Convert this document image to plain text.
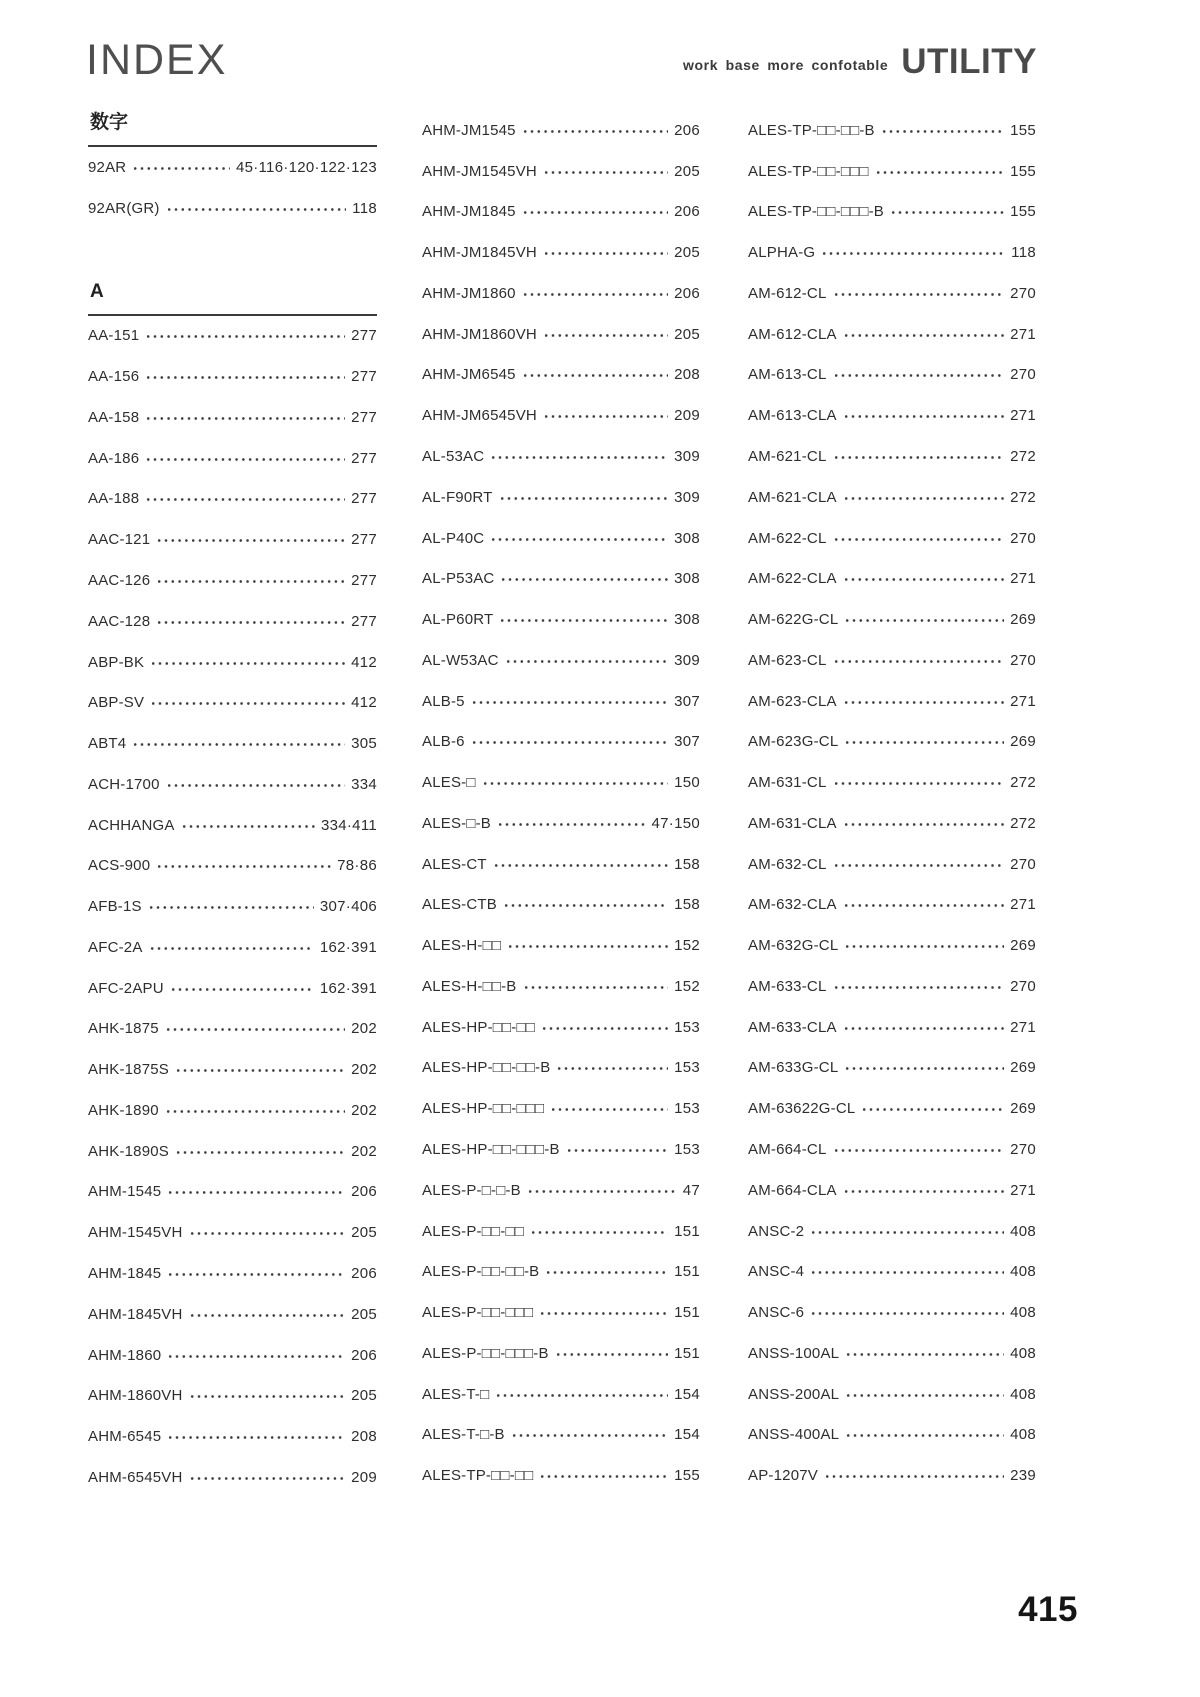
INDEX	work base more confotable UTILITY
数字
92AR	45·116·120·122·123
92AR(GR)	118
A
AA-151	277
AA-156	277
AA-158	277
AA-186	277
AA-188	277
AAC-121	277
AAC-126	277
AAC-128	277
ABP-BK	412
ABP-SV	412
ABT4	305
ACH-1700	334
ACHHANGA	334·411
ACS-900	78·86
AFB-1S	307·406
AFC-2A	162·391
AFC-2APU	162·391
AHK-1875	202
AHK-1875S	202
AHK-1890	202
AHK-1890S	202
AHM-1545	206
AHM-1545VH	205
AHM-1845	206
AHM-1845VH	205
AHM-1860	206
AHM-1860VH	205
AHM-6545	208
AHM-6545VH	209
AHM-JM1545	206
AHM-JM1545VH	205
AHM-JM1845	206
AHM-JM1845VH	205
AHM-JM1860	206
AHM-JM1860VH	205
AHM-JM6545	208
AHM-JM6545VH	209
AL-53AC	309
AL-F90RT	309
AL-P40C	308
AL-P53AC	308
AL-P60RT	308
AL-W53AC	309
ALB-5	307
ALB-6	307
ALES-□	150
ALES-□-B	47·150
ALES-CT	158
ALES-CTB	158
ALES-H-□□	152
ALES-H-□□-B	152
ALES-HP-□□-□□	153
ALES-HP-□□-□□-B	153
ALES-HP-□□-□□□	153
ALES-HP-□□-□□□-B	153
ALES-P-□-□-B	47
ALES-P-□□-□□	151
ALES-P-□□-□□-B	151
ALES-P-□□-□□□	151
ALES-P-□□-□□□-B	151
ALES-T-□	154
ALES-T-□-B	154
ALES-TP-□□-□□	155
ALES-TP-□□-□□-B	155
ALES-TP-□□-□□□	155
ALES-TP-□□-□□□-B	155
ALPHA-G	118
AM-612-CL	270
AM-612-CLA	271
AM-613-CL	270
AM-613-CLA	271
AM-621-CL	272
AM-621-CLA	272
AM-622-CL	270
AM-622-CLA	271
AM-622G-CL	269
AM-623-CL	270
AM-623-CLA	271
AM-623G-CL	269
AM-631-CL	272
AM-631-CLA	272
AM-632-CL	270
AM-632-CLA	271
AM-632G-CL	269
AM-633-CL	270
AM-633-CLA	271
AM-633G-CL	269
AM-63622G-CL	269
AM-664-CL	270
AM-664-CLA	271
ANSC-2	408
ANSC-4	408
ANSC-6	408
ANSS-100AL	408
ANSS-200AL	408
ANSS-400AL	408
AP-1207V	239
415
